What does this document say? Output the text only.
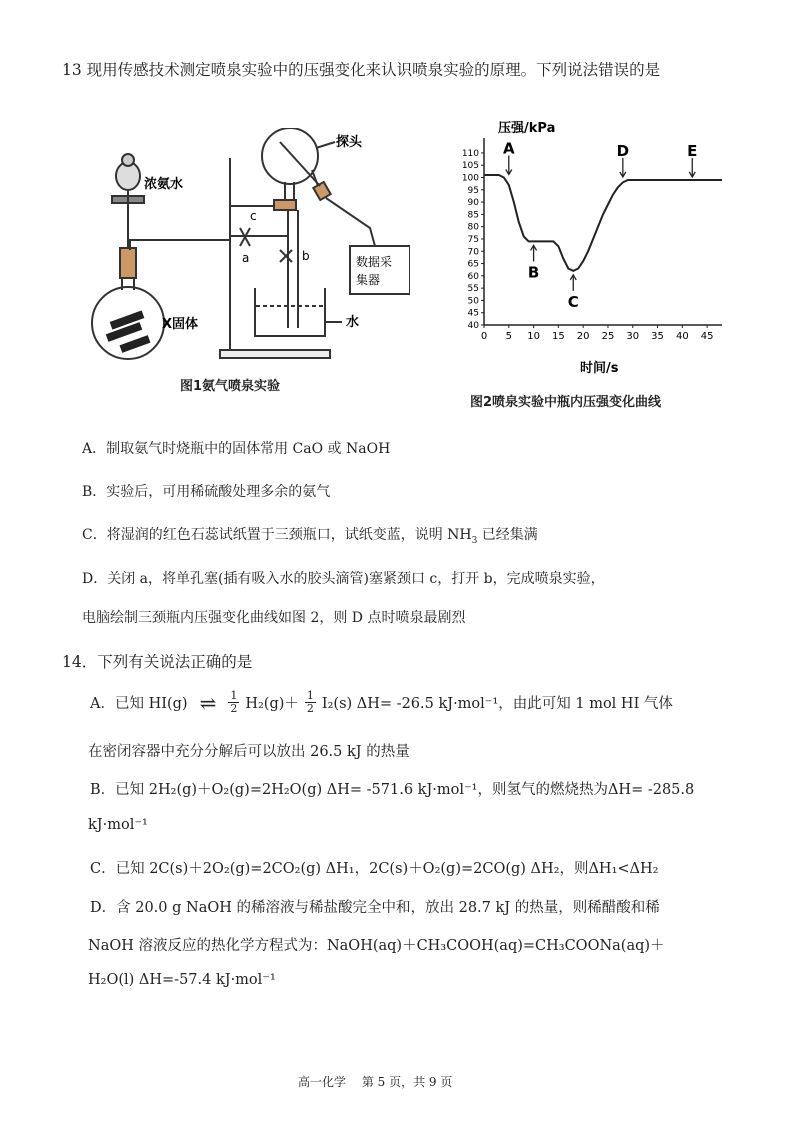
13 现用传感技术测定喷泉实验中的压强变化来认识喷泉实验的原理。下列说法错误的是
浓氨水
X固体
探头
c
a	b	数据采
集器
水
图1氨气喷泉实验
压强/kPa
时间/s
40
45
50
55
60
65
70
75
80
85
90
95
100
105
110
0 5 10 15 20 25 30 35 40 45
A
B
C
D	E
图2喷泉实验中瓶内压强变化曲线
A．制取氨气时烧瓶中的固体常用 CaO 或 NaOH
B．实验后，可用稀硫酸处理多余的氨气
C．将湿润的红色石蕊试纸置于三颈瓶口，试纸变蓝，说明 $NH_3$ 已经集满
D．关闭 a，将单孔塞(插有吸入水的胶头滴管)塞紧颈口 c，打开 b，完成喷泉实验，
电脑绘制三颈瓶内压强变化曲线如图 2，则 D 点时喷泉最剧烈
14．下列有关说法正确的是
A．已知 HI(g) ⇌ $\frac{1}{2} H_2(g)+ \frac{1}{2} I_2(s)$ ΔH= -26.5 kJ·mol⁻¹，由此可知 1 mol HI 气体
在密闭容器中充分分解后可以放出 26.5 kJ 的热量
B．已知 2H₂(g)＋O₂(g)=2H₂O(g) ΔH= -571.6 kJ·mol⁻¹，则氢气的燃烧热为ΔH= -285.8
kJ·mol⁻¹
C．已知 2C(s)＋2O₂(g)=2CO₂(g) ΔH₁，2C(s)＋O₂(g)=2CO(g) ΔH₂，则ΔH₁<ΔH₂
D．含 20.0 g NaOH 的稀溶液与稀盐酸完全中和，放出 28.7 kJ 的热量，则稀醋酸和稀
NaOH 溶液反应的热化学方程式为：NaOH(aq)＋CH₃COOH(aq)=CH₃COONa(aq)＋
H₂O(l) ΔH=-57.4 kJ·mol⁻¹
高一化学　 第 5 页，共 9 页
